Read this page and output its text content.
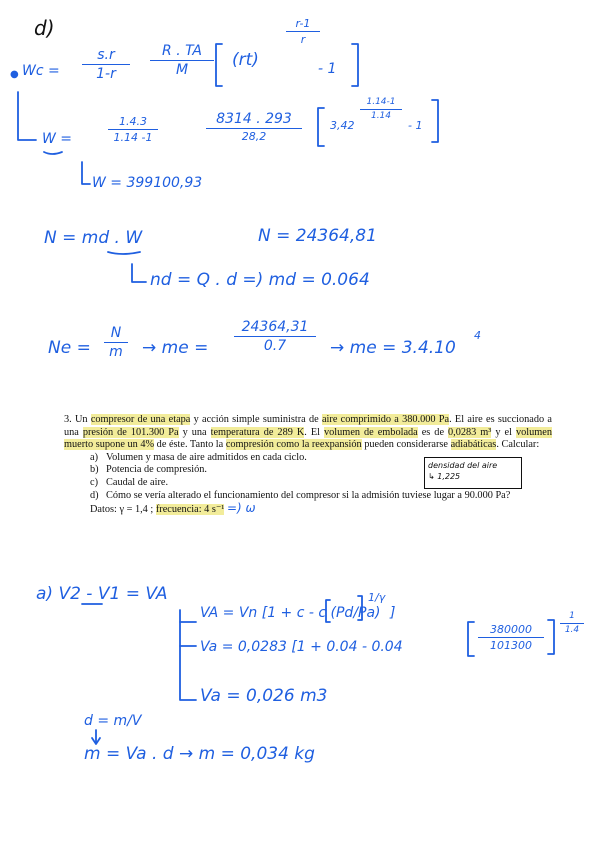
d)
● Wc =
s.r
1-r
R . TA
M	(rt)
r-1
r
- 1
W =
1.4.3
1.14 -1
8314 . 293
28,2
3,42
1.14-1
1.14
- 1
W = 399100,93
N = md . W	N = 24364,81
nd = Q . d =) md = 0.064
Ne =
N
m	→ me =
24364,31
0.7	→ me = 3.4.10
4

3. Un compresor de una etapa y acción simple suministra de aire comprimido a 380.000 Pa. El aire es succionado a una presión de 101.300 Pa y una temperatura de 289 K. El volumen de embolada es de 0,0283 m³ y el volumen muerto supone un 4% de éste. Tanto la compresión como la reexpansión pueden considerarse adiabáticas. Calcular:

a) Volumen y masa de aire admitidos en cada ciclo.
b) Potencia de compresión.
c) Caudal de aire.
d) Cómo se vería alterado el funcionamiento del compresor si la admisión tuviese lugar a 90.000 Pa?
Datos: γ = 1,4 ; frecuencia: 4 s⁻¹ =) ω
densidad del aire
↳ 1,225
a) V2 - V1 = VA
VA = Vn [1 + c - c (Pd/Pa)
1/γ
]
Va = 0,0283 [1 + 0.04 - 0.04
380000
101300
1
1.4
Va = 0,026 m3
d = m/V
m = Va . d → m = 0,034 kg
